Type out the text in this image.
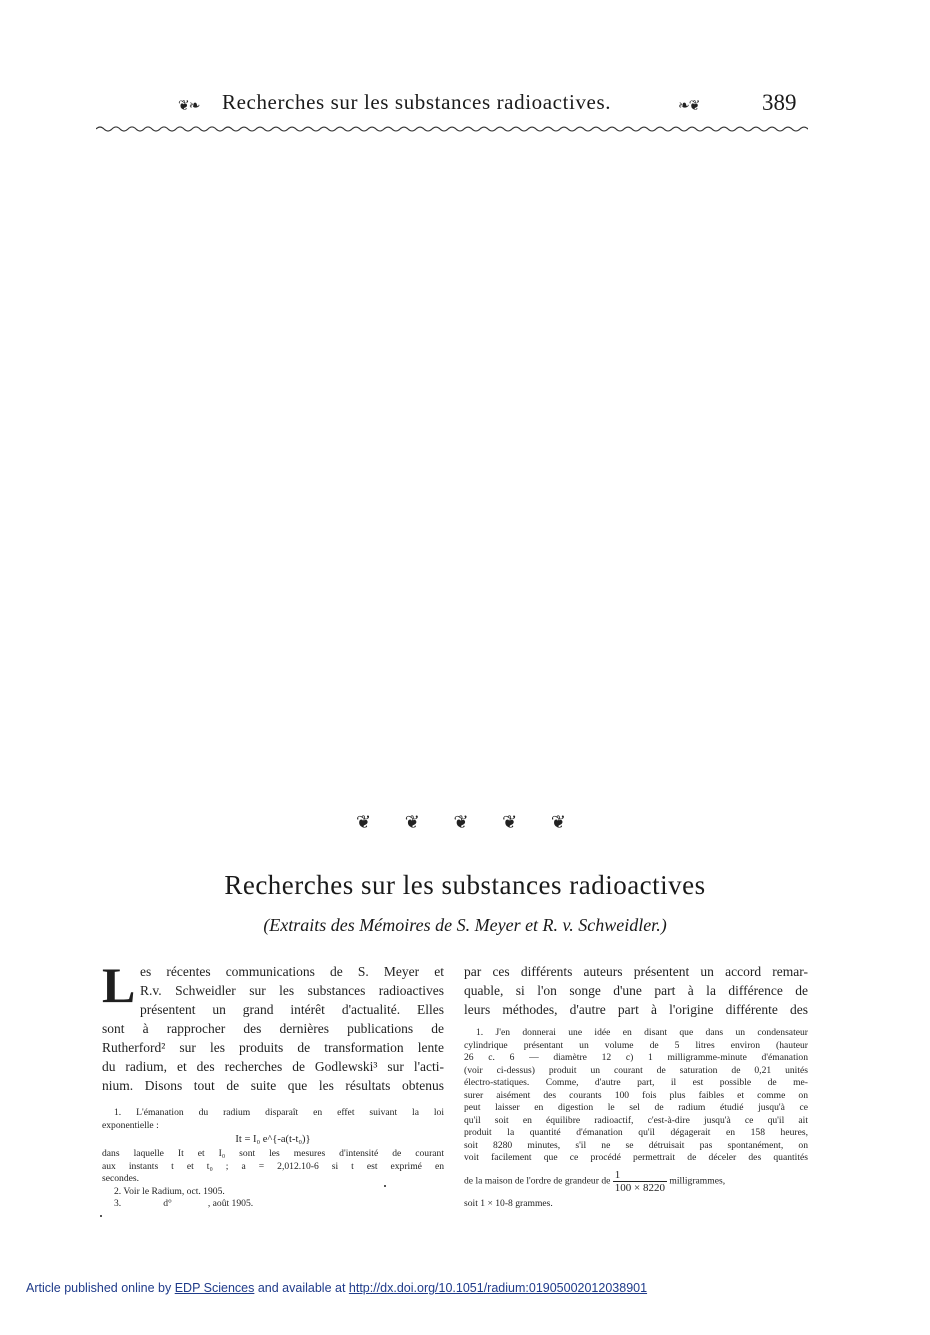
❦❧ Recherches sur les substances radioactives.	❧❦	389
❦ ❦ ❦ ❦ ❦
Recherches sur les substances radioactives
(Extraits des Mémoires de S. Meyer et R. v. Schweidler.)
L es récentes communications de S. Meyer et
R.v. Schweidler sur les substances radioactives
présentent un grand intérêt d'actualité. Elles
sont à rapprocher des dernières publications de
Rutherford² sur les produits de transformation lente
du radium, et des recherches de Godlewski³ sur l'acti-
nium. Disons tout de suite que les résultats obtenus
1. L'émanation du radium disparaît en effet suivant la loi
exponentielle :
It = I₀ e^{-a(t-t₀)}
dans laquelle It et I₀ sont les mesures d'intensité de courant
aux instants t et t₀ ; a = 2,012.10-6 si t est exprimé en
secondes.
2. Voir le Radium, oct. 1905.
3.	d°	, août 1905.
par ces différents auteurs présentent un accord remar-
quable, si l'on songe d'une part à la différence de
leurs méthodes, d'autre part à l'origine différente des
1. J'en donnerai une idée en disant que dans un condensateur
cylindrique présentant un volume de 5 litres environ (hauteur
26 c. 6 — diamètre 12 c) 1 milligramme-minute d'émanation
(voir ci-dessus) produit un courant de saturation de 0,21 unités
électro-statiques. Comme, d'autre part, il est possible de me-
surer aisément des courants 100 fois plus faibles et comme on
peut laisser en digestion le sel de radium étudié jusqu'à ce
qu'il soit en équilibre radioactif, c'est-à-dire jusqu'à ce qu'il ait
produit la quantité d'émanation qu'il dégagerait en 158 heures,
soit 8280 minutes, s'il ne se détruisait pas spontanément, on
voit facilement que ce procédé permettrait de déceler des quantités
de la maison de l'ordre de grandeur de $\frac{1}{100 \times 8220}$ milligrammes,
soit 1 × 10-8 grammes.
Article published online by EDP Sciences and available at http://dx.doi.org/10.1051/radium:01905002012038901
